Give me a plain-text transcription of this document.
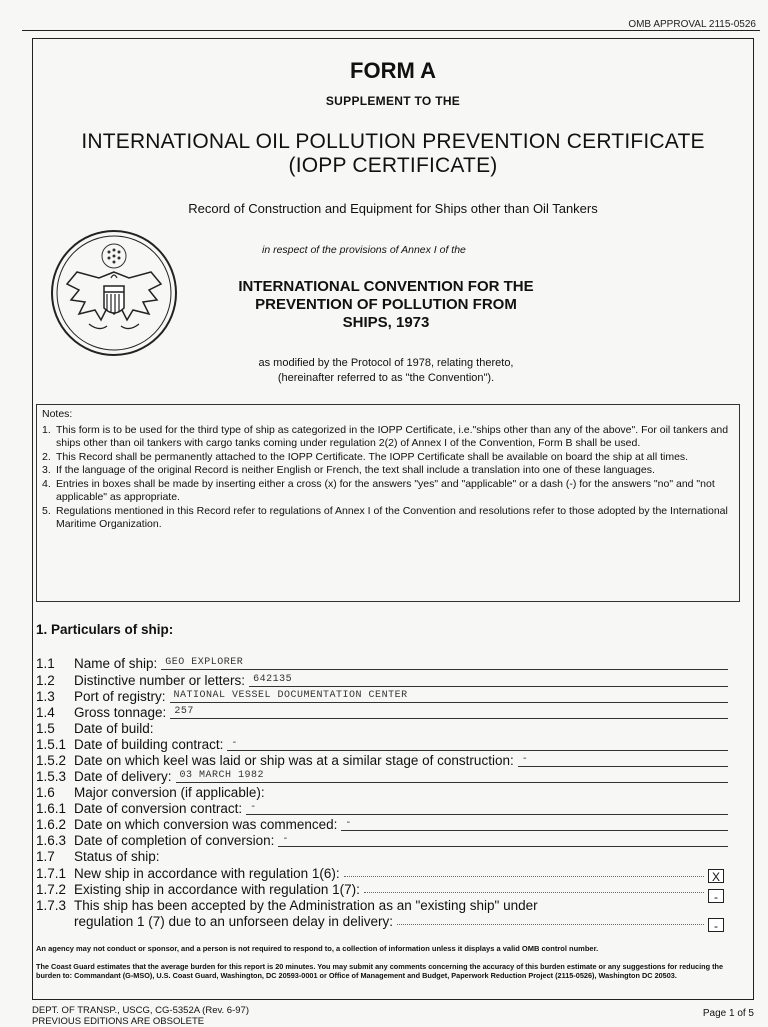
OMB APPROVAL 2115-0526
FORM A
SUPPLEMENT TO THE
INTERNATIONAL OIL POLLUTION PREVENTION CERTIFICATE
(IOPP CERTIFICATE)
Record of Construction and Equipment for Ships other than Oil Tankers
in respect of the provisions of Annex I of the
INTERNATIONAL CONVENTION FOR THE
PREVENTION OF POLLUTION FROM
SHIPS, 1973
as modified by the Protocol of 1978, relating thereto,
(hereinafter referred to as "the Convention").
Notes:
1. This form is to be used for the third type of ship as categorized in the IOPP Certificate, i.e."ships other than any of the above". For oil tankers and ships other than oil tankers with cargo tanks coming under regulation 2(2) of Annex I of the Convention, Form B shall be used.
2. This Record shall be permanently attached to the IOPP Certificate. The IOPP Certificate shall be available on board the ship at all times.
3. If the language of the original Record is neither English or French, the text shall include a translation into one of these languages.
4. Entries in boxes shall be made by inserting either a cross (x) for the answers "yes" and "applicable" or a dash (-) for the answers "no" and "not applicable" as appropriate.
5. Regulations mentioned in this Record refer to regulations of Annex I of the Convention and resolutions refer to those adopted by the International Maritime Organization.
1. Particulars of ship:
1.1	Name of ship: GEO EXPLORER
1.2	Distinctive number or letters: 642135
1.3	Port of registry: NATIONAL VESSEL DOCUMENTATION CENTER
1.4	Gross tonnage: 257
1.5	Date of build:
1.5.1 Date of building contract: -
1.5.2 Date on which keel was laid or ship was at a similar stage of construction: -
1.5.3 Date of delivery: 03 MARCH 1982
1.6	Major conversion (if applicable):
1.6.1 Date of conversion contract: -
1.6.2 Date on which conversion was commenced: -
1.6.3 Date of completion of conversion: -
1.7	Status of ship:
1.7.1 New ship in accordance with regulation 1(6):	X
1.7.2 Existing ship in accordance with regulation 1(7):	-
1.7.3 This ship has been accepted by the Administration as an "existing ship" under
regulation 1 (7) due to an unforseen delay in delivery:	-
An agency may not conduct or sponsor, and a person is not required to respond to, a collection of information unless it displays a valid OMB control number.
The Coast Guard estimates that the average burden for this report is 20 minutes. You may submit any comments concerning the accuracy of this burden estimate or any suggestions for reducing the burden to: Commandant (G-MSO), U.S. Coast Guard, Washington, DC 20593-0001 or Office of Management and Budget, Paperwork Reduction Project (2115-0526), Washington DC 20503.
DEPT. OF TRANSP., USCG, CG-5352A (Rev. 6-97)
PREVIOUS EDITIONS ARE OBSOLETE
Page 1 of 5
